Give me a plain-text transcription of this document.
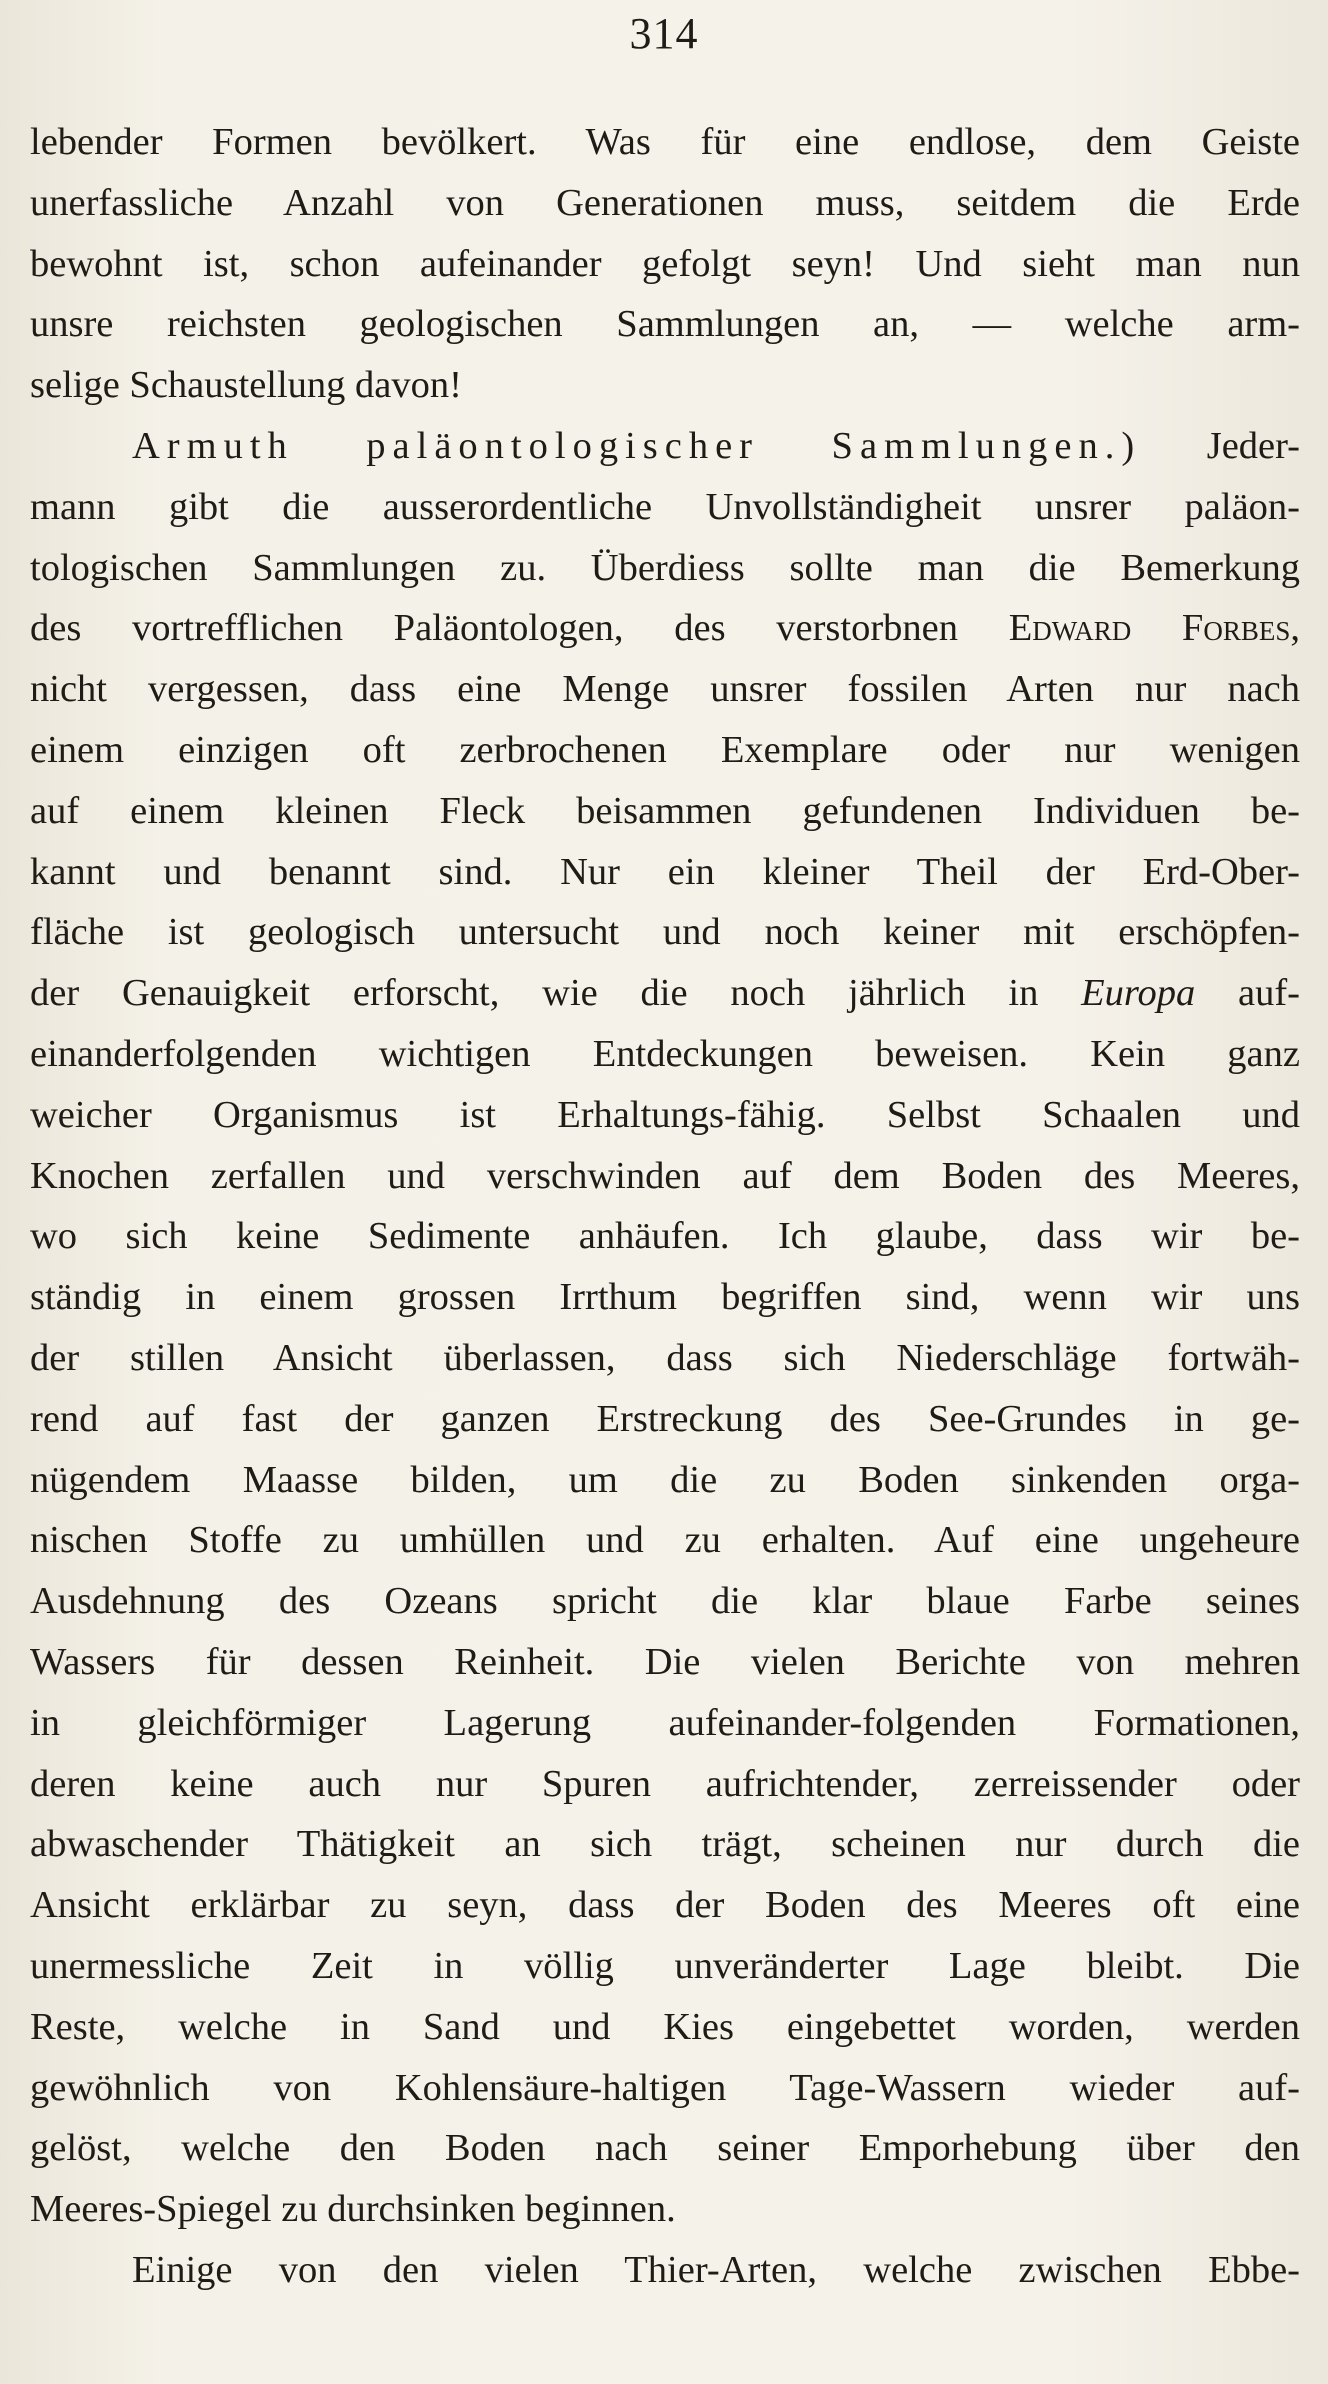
314
lebender Formen bevölkert. Was für eine endlose, dem Geiste
unerfassliche Anzahl von Generationen muss, seitdem die Erde
bewohnt ist, schon aufeinander gefolgt seyn! Und sieht man nun
unsre reichsten geologischen Sammlungen an, — welche arm-
selige Schaustellung davon!
Armuth paläontologischer Sammlungen.) Jeder-
mann gibt die ausserordentliche Unvollständigheit unsrer paläon-
tologischen Sammlungen zu. Überdiess sollte man die Bemerkung
des vortrefflichen Paläontologen, des verstorbnen Edward Forbes,
nicht vergessen, dass eine Menge unsrer fossilen Arten nur nach
einem einzigen oft zerbrochenen Exemplare oder nur wenigen
auf einem kleinen Fleck beisammen gefundenen Individuen be-
kannt und benannt sind. Nur ein kleiner Theil der Erd-Ober-
fläche ist geologisch untersucht und noch keiner mit erschöpfen-
der Genauigkeit erforscht, wie die noch jährlich in Europa auf-
einanderfolgenden wichtigen Entdeckungen beweisen. Kein ganz
weicher Organismus ist Erhaltungs-fähig. Selbst Schaalen und
Knochen zerfallen und verschwinden auf dem Boden des Meeres,
wo sich keine Sedimente anhäufen. Ich glaube, dass wir be-
ständig in einem grossen Irrthum begriffen sind, wenn wir uns
der stillen Ansicht überlassen, dass sich Niederschläge fortwäh-
rend auf fast der ganzen Erstreckung des See-Grundes in ge-
nügendem Maasse bilden, um die zu Boden sinkenden orga-
nischen Stoffe zu umhüllen und zu erhalten. Auf eine ungeheure
Ausdehnung des Ozeans spricht die klar blaue Farbe seines
Wassers für dessen Reinheit. Die vielen Berichte von mehren
in gleichförmiger Lagerung aufeinander-folgenden Formationen,
deren keine auch nur Spuren aufrichtender, zerreissender oder
abwaschender Thätigkeit an sich trägt, scheinen nur durch die
Ansicht erklärbar zu seyn, dass der Boden des Meeres oft eine
unermessliche Zeit in völlig unveränderter Lage bleibt. Die
Reste, welche in Sand und Kies eingebettet worden, werden
gewöhnlich von Kohlensäure-haltigen Tage-Wassern wieder auf-
gelöst, welche den Boden nach seiner Emporhebung über den
Meeres-Spiegel zu durchsinken beginnen.
Einige von den vielen Thier-Arten, welche zwischen Ebbe-
